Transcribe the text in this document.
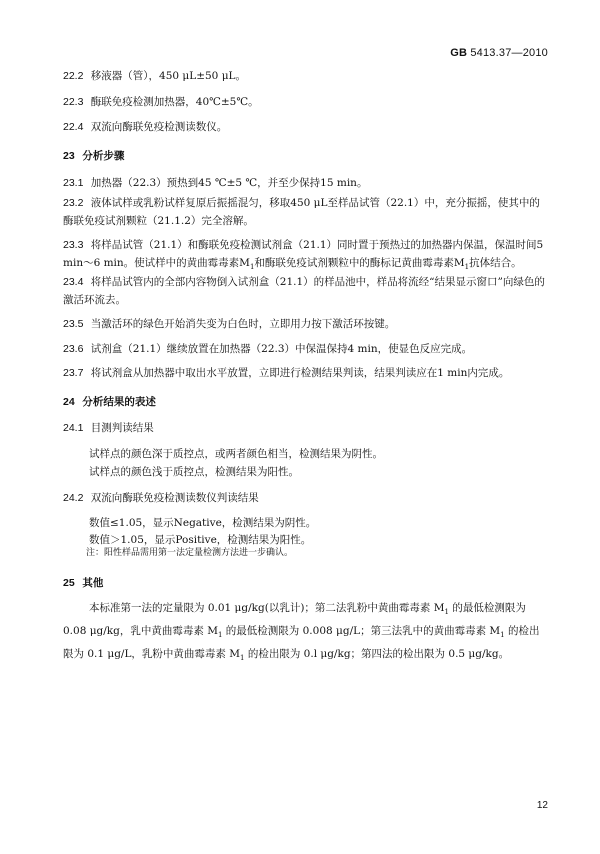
GB 5413.37—2010
22.2 移液器（管），450 μL±50 μL。
22.3 酶联免疫检测加热器，40℃±5℃。
22.4 双流向酶联免疫检测读数仪。
23 分析步骤
23.1 加热器（22.3）预热到45 ℃±5 ℃，并至少保持15 min。
23.2 液体试样或乳粉试样复原后振摇混匀，移取450 μL至样品试管（22.1）中，充分振摇，使其中的酶联免疫试剂颗粒（21.1.2）完全溶解。
23.3 将样品试管（21.1）和酶联免疫检测试剂盒（21.1）同时置于预热过的加热器内保温，保温时间5 min～6 min。使试样中的黄曲霉毒素$M_1$和酶联免疫试剂颗粒中的酶标记黄曲霉毒素$M_1$抗体结合。
23.4 将样品试管内的全部内容物倒入试剂盒（21.1）的样品池中，样品将流经“结果显示窗口”向绿色的激活环流去。
23.5 当激活环的绿色开始消失变为白色时，立即用力按下激活环按键。
23.6 试剂盒（21.1）继续放置在加热器（22.3）中保温保持4 min，使显色反应完成。
23.7 将试剂盒从加热器中取出水平放置，立即进行检测结果判读，结果判读应在1 min内完成。
24 分析结果的表述
24.1 目测判读结果
试样点的颜色深于质控点，或两者颜色相当，检测结果为阴性。
试样点的颜色浅于质控点，检测结果为阳性。
24.2 双流向酶联免疫检测读数仪判读结果
数值≤1.05，显示Negative，检测结果为阴性。
数值＞1.05，显示Positive，检测结果为阳性。
注：阳性样品需用第一法定量检测方法进一步确认。
25 其他
本标准第一法的定量限为 0.01 μg/kg(以乳计)；第二法乳粉中黄曲霉毒素 $M_1$ 的最低检测限为 0.08 μg/kg，乳中黄曲霉毒素 $M_1$ 的最低检测限为 0.008 μg/L；第三法乳中的黄曲霉毒素 $M_1$ 的检出限为 0.1 μg/L，乳粉中黄曲霉毒素 $M_1$ 的检出限为 0.l μg/kg；第四法的检出限为 0.5 μg/kg。
12
